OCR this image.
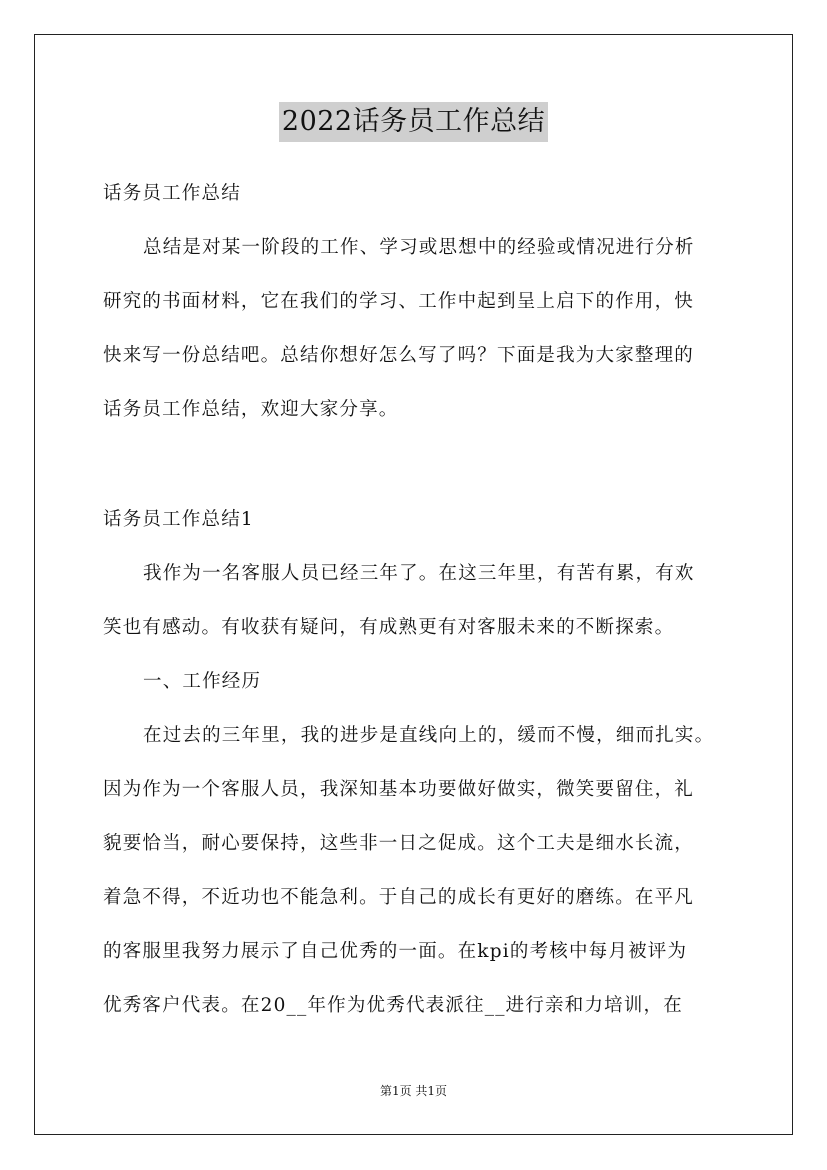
2022话务员工作总结
话务员工作总结
总结是对某一阶段的工作、学习或思想中的经验或情况进行分析
研究的书面材料，它在我们的学习、工作中起到呈上启下的作用，快
快来写一份总结吧。总结你想好怎么写了吗？下面是我为大家整理的
话务员工作总结，欢迎大家分享。
话务员工作总结1
我作为一名客服人员已经三年了。在这三年里，有苦有累，有欢
笑也有感动。有收获有疑问，有成熟更有对客服未来的不断探索。
一、工作经历
在过去的三年里，我的进步是直线向上的，缓而不慢，细而扎实。
因为作为一个客服人员，我深知基本功要做好做实，微笑要留住，礼
貌要恰当，耐心要保持，这些非一日之促成。这个工夫是细水长流，
着急不得，不近功也不能急利。于自己的成长有更好的磨练。在平凡
的客服里我努力展示了自己优秀的一面。在kpi的考核中每月被评为
优秀客户代表。在20__年作为优秀代表派往__进行亲和力培训，在
第1页 共1页
